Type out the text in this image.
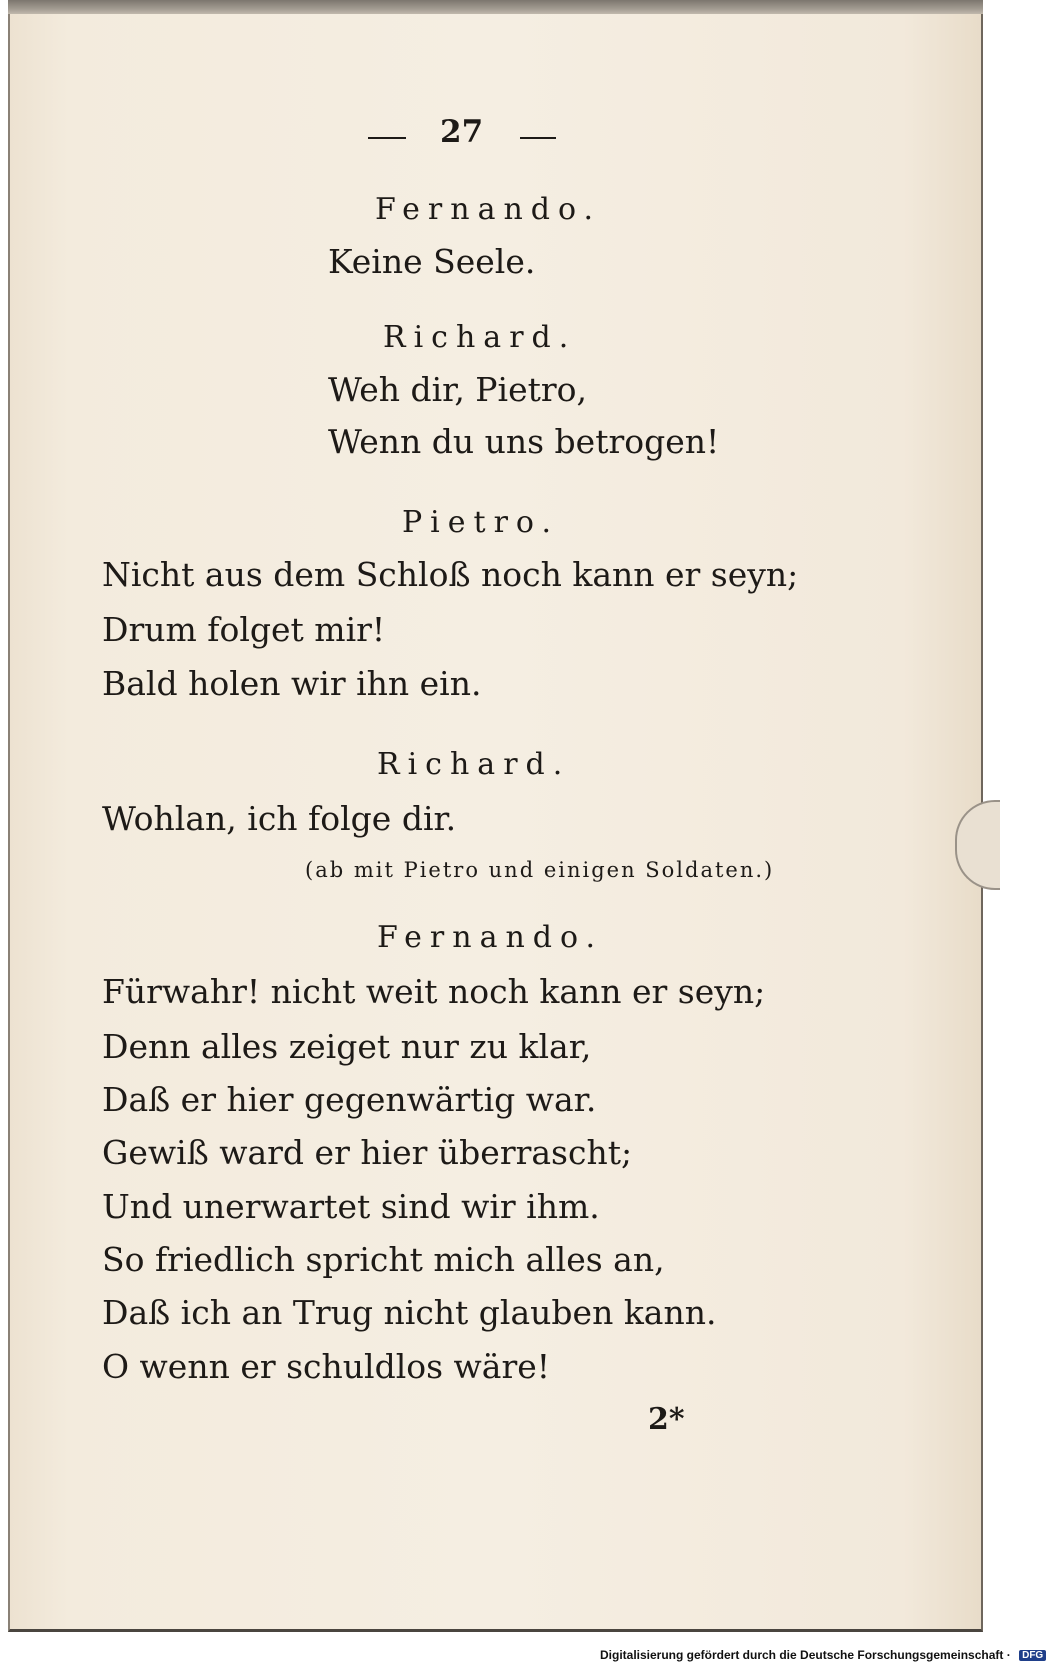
27
Fernando.
Keine Seele.
Richard.
Weh dir, Pietro,
Wenn du uns betrogen!
Pietro.
Nicht aus dem Schloß noch kann er seyn;
Drum folget mir!
Bald holen wir ihn ein.
Richard.
Wohlan, ich folge dir.
(ab mit Pietro und einigen Soldaten.)
Fernando.
Fürwahr! nicht weit noch kann er seyn;
Denn alles zeiget nur zu klar,
Daß er hier gegenwärtig war.
Gewiß ward er hier überrascht;
Und unerwartet sind wir ihm.
So friedlich spricht mich alles an,
Daß ich an Trug nicht glauben kann.
O wenn er schuldlos wäre!
2*
Digitalisierung gefördert durch die Deutsche Forschungsgemeinschaft · DFG
